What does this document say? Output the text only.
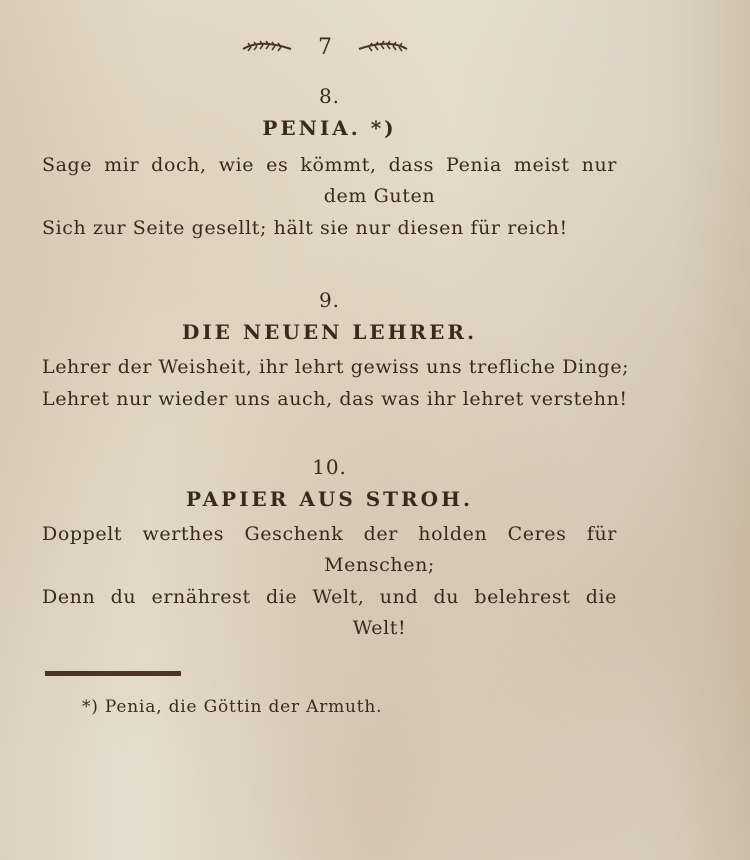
7
8.
PENIA. *)
Sage mir doch, wie es kömmt, dass Penia meist nur
dem Guten
Sich zur Seite gesellt; hält sie nur diesen für reich!
9.
DIE NEUEN LEHRER.
Lehrer der Weisheit, ihr lehrt gewiss uns trefliche Dinge;
Lehret nur wieder uns auch, das was ihr lehret verstehn!
10.
PAPIER AUS STROH.
Doppelt werthes Geschenk der holden Ceres für
Menschen;
Denn du ernährest die Welt, und du belehrest die
Welt!
*) Penia, die Göttin der Armuth.
